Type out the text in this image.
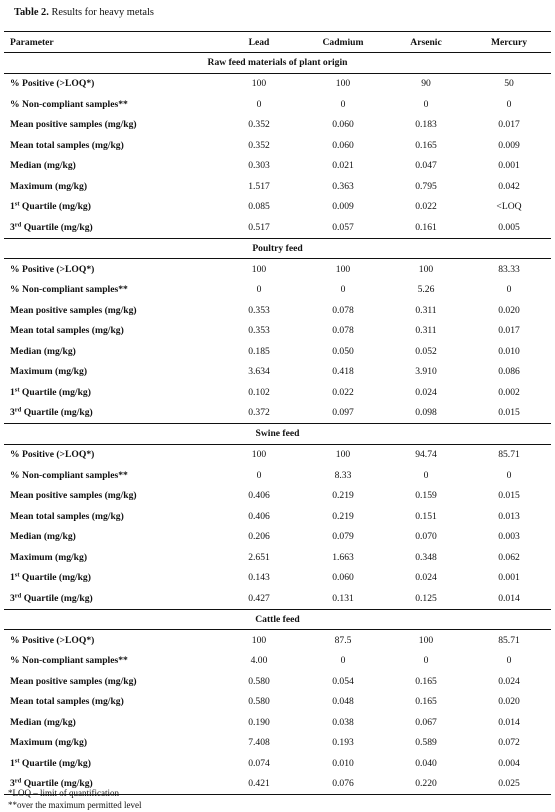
Table 2. Results for heavy metals
Parameter	Lead	Cadmium	Arsenic	Mercury
Raw feed materials of plant origin
% Positive (>LOQ*)	100	100	90	50
% Non-compliant samples**	0	0	0	0
Mean positive samples (mg/kg)	0.352	0.060	0.183	0.017
Mean total samples (mg/kg)	0.352	0.060	0.165	0.009
Median (mg/kg)	0.303	0.021	0.047	0.001
Maximum (mg/kg)	1.517	0.363	0.795	0.042
1st Quartile (mg/kg)	0.085	0.009	0.022	<LOQ
3rd Quartile (mg/kg)	0.517	0.057	0.161	0.005
Poultry feed
% Positive (>LOQ*)	100	100	100	83.33
% Non-compliant samples**	0	0	5.26	0
Mean positive samples (mg/kg)	0.353	0.078	0.311	0.020
Mean total samples (mg/kg)	0.353	0.078	0.311	0.017
Median (mg/kg)	0.185	0.050	0.052	0.010
Maximum (mg/kg)	3.634	0.418	3.910	0.086
1st Quartile (mg/kg)	0.102	0.022	0.024	0.002
3rd Quartile (mg/kg)	0.372	0.097	0.098	0.015
Swine feed
% Positive (>LOQ*)	100	100	94.74	85.71
% Non-compliant samples**	0	8.33	0	0
Mean positive samples (mg/kg)	0.406	0.219	0.159	0.015
Mean total samples (mg/kg)	0.406	0.219	0.151	0.013
Median (mg/kg)	0.206	0.079	0.070	0.003
Maximum (mg/kg)	2.651	1.663	0.348	0.062
1st Quartile (mg/kg)	0.143	0.060	0.024	0.001
3rd Quartile (mg/kg)	0.427	0.131	0.125	0.014
Cattle feed
% Positive (>LOQ*)	100	87.5	100	85.71
% Non-compliant samples**	4.00	0	0	0
Mean positive samples (mg/kg)	0.580	0.054	0.165	0.024
Mean total samples (mg/kg)	0.580	0.048	0.165	0.020
Median (mg/kg)	0.190	0.038	0.067	0.014
Maximum (mg/kg)	7.408	0.193	0.589	0.072
1st Quartile (mg/kg)	0.074	0.010	0.040	0.004
3rd Quartile (mg/kg)	0.421	0.076	0.220	0.025
*LOQ – limit of quantification
**over the maximum permitted level
